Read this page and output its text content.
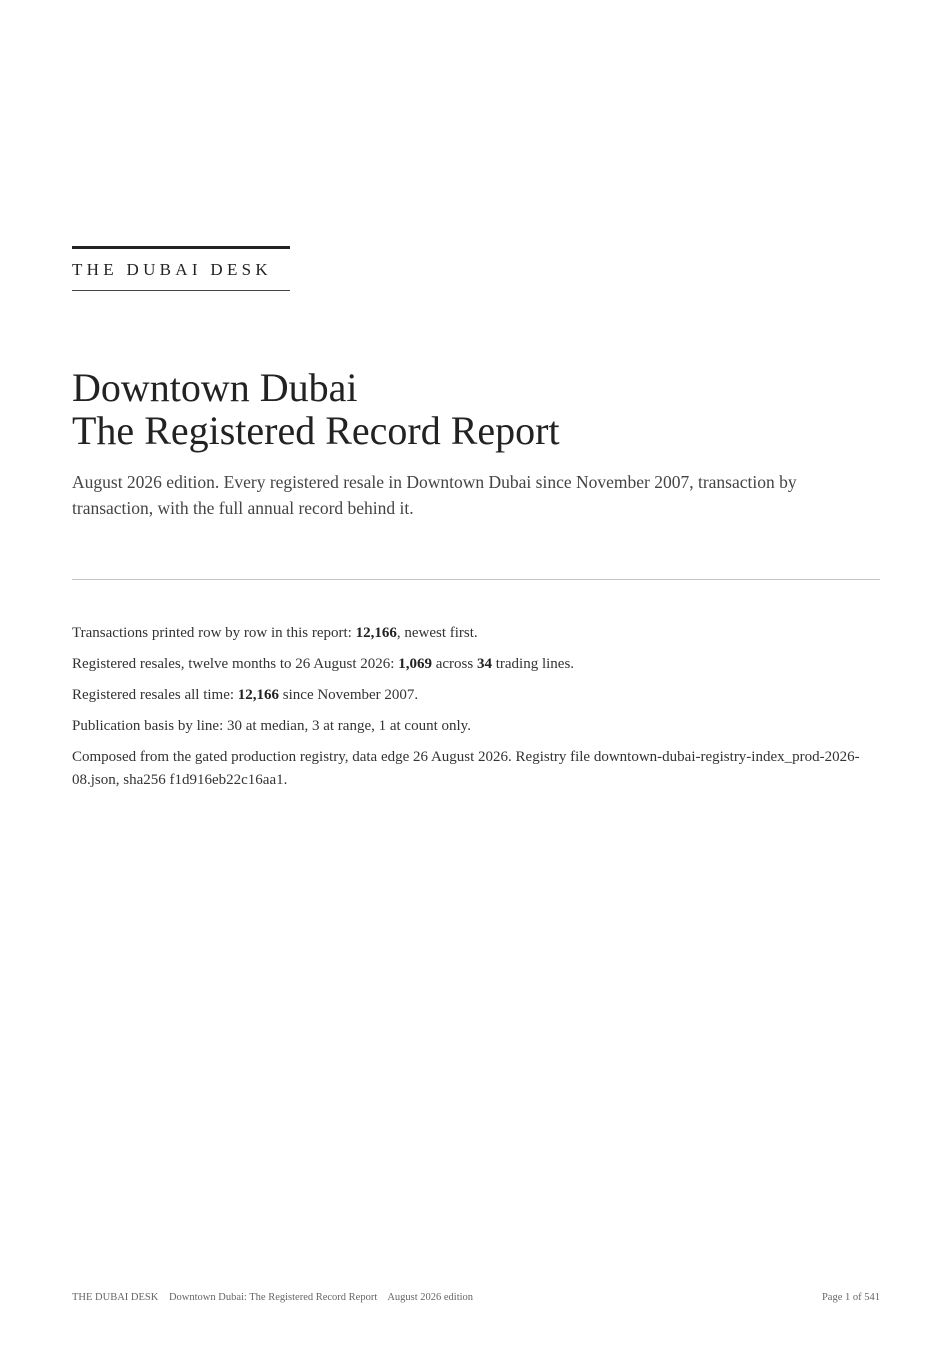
THE DUBAI DESK
Downtown Dubai
The Registered Record Report

August 2026 edition. Every registered resale in Downtown Dubai since November 2007, transaction by transaction, with the full annual record behind it.

Transactions printed row by row in this report: 12,166, newest first.

Registered resales, twelve months to 26 August 2026: 1,069 across 34 trading lines.

Registered resales all time: 12,166 since November 2007.

Publication basis by line: 30 at median, 3 at range, 1 at count only.

Composed from the gated production registry, data edge 26 August 2026. Registry file downtown-dubai-registry-index_prod-2026-08.json, sha256 f1d916eb22c16aa1.

THE DUBAI DESK Downtown Dubai: The Registered Record Report August 2026 edition	Page 1 of 541
